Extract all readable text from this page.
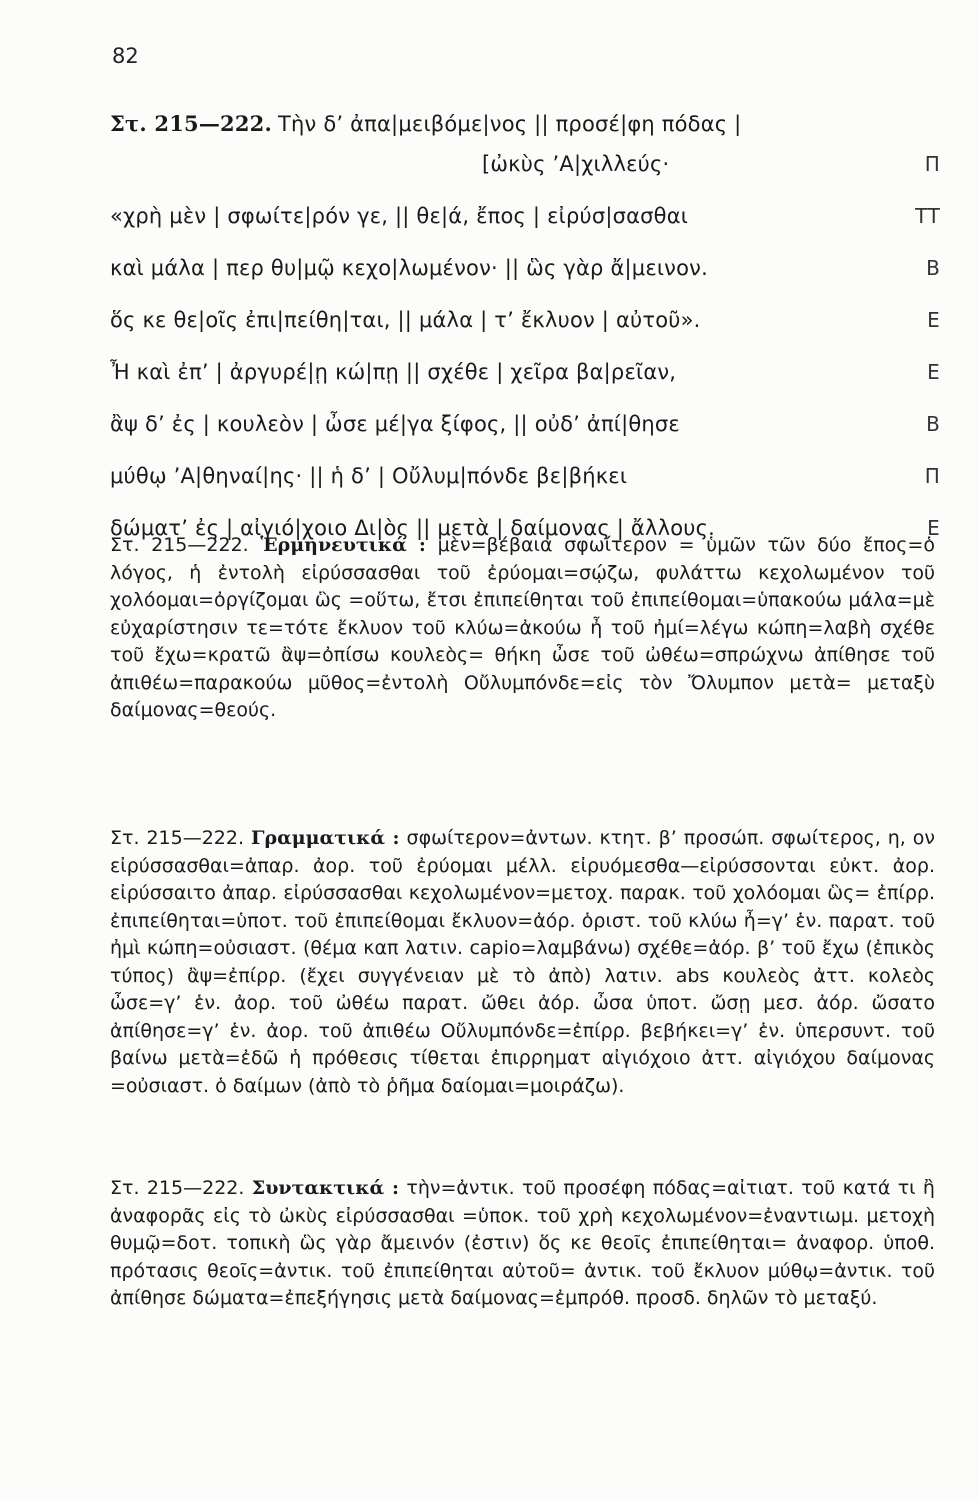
82
Στ. 215—222. Τὴν δ’ ἀπα|μειβόμε|νος || προσέ|φη πόδας |
[ὠκὺς ’Α|χιλλεύς·	Π
«χρὴ μὲν | σφωίτε|ρόν γε, || θε|ά, ἔπος | εἰρύσ|σασθαι	ΤΤ
καὶ μάλα | περ θυ|μῷ κεχο|λωμένον· || ὣς γὰρ ἄ|μεινον.	Β
ὅς κε θε|οῖς ἐπι|πείθη|ται, || μάλα | τ’ ἔκλυον | αὐτοῦ».	Ε
Ἦ καὶ ἐπ’ | ἀργυρέ|ῃ κώ|πῃ || σχέθε | χεῖρα βα|ρεῖαν,	Ε
ἂψ δ’ ἐς | κουλεὸν | ὦσε μέ|γα ξίφος, || οὐδ’ ἀπί|θησε	Β
μύθῳ ’Α|θηναί|ης· || ἡ δ’ | Οὔλυμ|πόνδε βε|βήκει	Π
δώματ’ ἐς | αἰγιό|χοιο Δι|ὸς || μετὰ | δαίμονας | ἄλλους.	Ε
Στ. 215—222. Ἑρμηνευτικά : μὲν=βέβαια σφωίτερον = ὑμῶν τῶν δύο ἔπος=ὁ λόγος, ἡ ἐντολὴ εἰρύσσασθαι τοῦ ἐρύομαι=σῴζω, φυλάττω κεχολωμένον τοῦ χολόομαι=ὀργίζομαι ὣς =οὕτω, ἔτσι ἐπιπείθηται τοῦ ἐπιπείθομαι=ὑπακούω μάλα=μὲ εὐχαρίστησιν τε=τότε ἔκλυον τοῦ κλύω=ἀκούω ἦ τοῦ ἠμί=λέγω κώπη=λαβὴ σχέθε τοῦ ἔχω=κρατῶ ἂψ=ὀπίσω κουλεὸς= θήκη ὦσε τοῦ ὠθέω=σπρώχνω ἀπίθησε τοῦ ἀπιθέω=παρακούω μῦθος=ἐντολὴ Οὔλυμπόνδε=εἰς τὸν Ὄλυμπον μετὰ= μεταξὺ δαίμονας=θεούς.
Στ. 215—222. Γραμματικά : σφωίτερον=ἀντων. κτητ. β’ προσώπ. σφωίτερος, η, ον εἰρύσσασθαι=ἀπαρ. ἀορ. τοῦ ἐρύομαι μέλλ. εἰρυόμεσθα—εἰρύσσονται εὐκτ. ἀορ. εἰρύσσαιτο ἀπαρ. εἰρύσσασθαι κεχολωμένον=μετοχ. παρακ. τοῦ χολόομαι ὣς= ἐπίρρ. ἐπιπείθηται=ὑποτ. τοῦ ἐπιπείθομαι ἔκλυον=ἀόρ. ὁριστ. τοῦ κλύω ἦ=γ’ ἑν. παρατ. τοῦ ἠμὶ κώπη=οὐσιαστ. (θέμα καπ λατιν. capio=λαμβάνω) σχέθε=ἀόρ. β’ τοῦ ἔχω (ἐπικὸς τύπος) ἂψ=ἐπίρρ. (ἔχει συγγένειαν μὲ τὸ ἀπὸ) λατιν. abs κουλεὸς ἀττ. κολεὸς ὦσε=γ’ ἑν. ἀορ. τοῦ ὠθέω παρατ. ὤθει ἀόρ. ὦσα ὑποτ. ὤσῃ μεσ. ἀόρ. ὤσατο ἀπίθησε=γ’ ἑν. ἀορ. τοῦ ἀπιθέω Οὔλυμπόνδε=ἐπίρρ. βεβήκει=γ’ ἑν. ὑπερσυντ. τοῦ βαίνω μετὰ=ἐδῶ ἡ πρόθεσις τίθεται ἐπιρρηματ αἰγιόχοιο ἀττ. αἰγιόχου δαίμονας =οὐσιαστ. ὁ δαίμων (ἀπὸ τὸ ῥῆμα δαίομαι=μοιράζω).
Στ. 215—222. Συντακτικά : τὴν=ἀντικ. τοῦ προσέφη πόδας=αἰτιατ. τοῦ κατά τι ἢ ἀναφορᾶς εἰς τὸ ὠκὺς εἰρύσσασθαι =ὑποκ. τοῦ χρὴ κεχολωμένον=ἐναντιωμ. μετοχὴ θυμῷ=δοτ. τοπικὴ ὣς γὰρ ἄμεινόν (ἐστιν) ὅς κε θεοῖς ἐπιπείθηται= ἀναφορ. ὑποθ. πρότασις θεοῖς=ἀντικ. τοῦ ἐπιπείθηται αὐτοῦ= ἀντικ. τοῦ ἔκλυον μύθῳ=ἀντικ. τοῦ ἀπίθησε δώματα=ἐπεξήγησις μετὰ δαίμονας=ἐμπρόθ. προσδ. δηλῶν τὸ μεταξύ.
